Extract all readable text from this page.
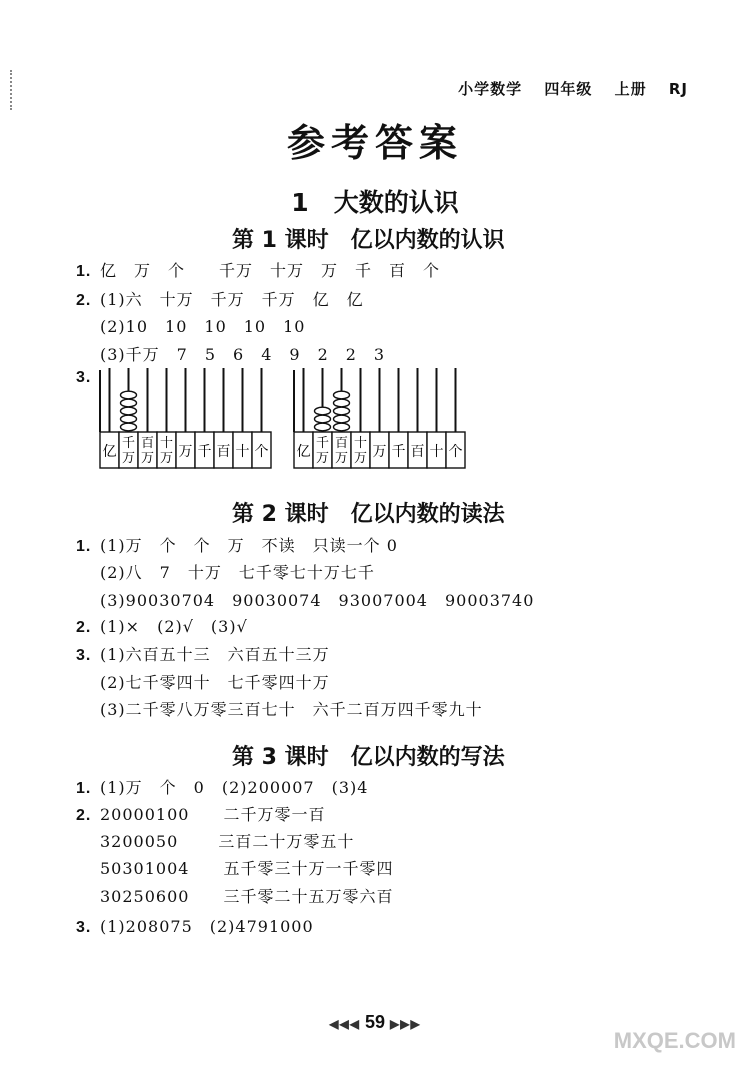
小学数学 四年级 上册 RJ
参考答案
1　大数的认识
第 1 课时　亿以内数的认识
1. 亿　万　个　　千万　十万　万　千　百　个
2. (1)六　十万　千万　千万　亿　亿
(2)10　10　10　10　10
(3)千万　7　5　6　4　9　2　2　3
3.
亿
千
万
百
万
十
万 万 千 百 十 个 亿
千
万
百
万
十
万 万 千 百 十 个
第 2 课时　亿以内数的读法
1. (1)万　个　个　万　不读　只读一个 0
(2)八　7　十万　七千零七十万七千
(3)90030704　90030074　93007004　90003740
2. (1)×　(2)√　(3)√
3. (1)六百五十三　六百五十三万
(2)七千零四十　七千零四十万
(3)二千零八万零三百七十　六千二百万四千零九十
第 3 课时　亿以内数的写法
1. (1)万　个　0　(2)200007　(3)4
2. 20000100　　二千万零一百
3200050　　 三百二十万零五十
50301004　　五千零三十万一千零四
30250600　　三千零二十五万零六百
3. (1)208075　(2)4791000
◀◀◀ 59 ▶▶▶
MXQE.COM
